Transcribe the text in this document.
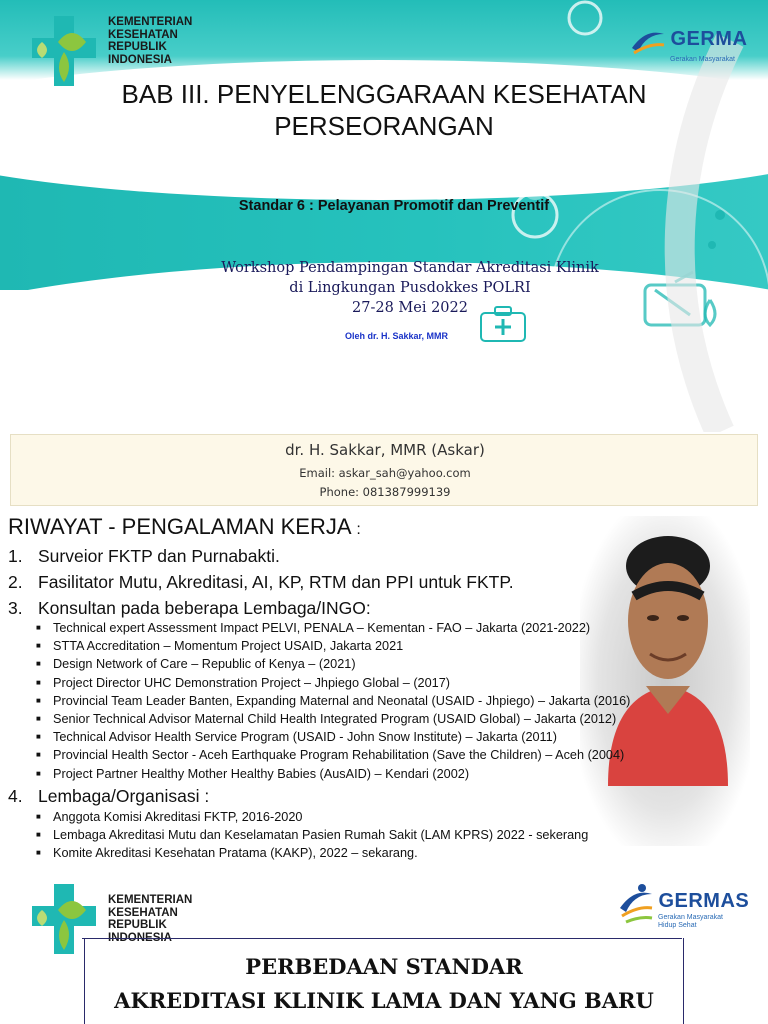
KEMENTERIAN
KESEHATAN
REPUBLIK
INDONESIA
GERMA
Gerakan Masyarakat
BAB III. PENYELENGGARAAN KESEHATAN
PERSEORANGAN
Standar 6 : Pelayanan Promotif dan Preventif
Workshop Pendampingan Standar Akreditasi Klinik
di Lingkungan Pusdokkes POLRI
27-28 Mei 2022
Oleh dr. H. Sakkar, MMR
dr. H. Sakkar, MMR (Askar)
Email: askar_sah@yahoo.com
Phone: 081387999139
RIWAYAT - PENGALAMAN KERJA :
1. Surveior FKTP dan Purnabakti.
2. Fasilitator Mutu, Akreditasi, AI, KP, RTM dan PPI untuk FKTP.
3. Konsultan pada beberapa Lembaga/INGO:
■ Technical expert Assessment Impact PELVI, PENALA – Kementan - FAO – Jakarta (2021-2022)
■ STTA Accreditation – Momentum Project USAID, Jakarta 2021
■ Design Network of Care – Republic of Kenya – (2021)
■ Project Director UHC Demonstration Project – Jhpiego Global – (2017)
■ Provincial Team Leader Banten, Expanding Maternal and Neonatal (USAID - Jhpiego) – Jakarta (2016)
■ Senior Technical Advisor Maternal Child Health Integrated Program (USAID Global) – Jakarta (2012)
■ Technical Advisor Health Service Program (USAID - John Snow Institute) – Jakarta (2011)
■ Provincial Health Sector - Aceh Earthquake Program Rehabilitation (Save the Children) – Aceh (2004)
■ Project Partner Healthy Mother Healthy Babies (AusAID) – Kendari (2002)
4. Lembaga/Organisasi :
■ Anggota Komisi Akreditasi FKTP, 2016-2020
■ Lembaga Akreditasi Mutu dan Keselamatan Pasien Rumah Sakit (LAM KPRS) 2022 - sekerang
■ Komite Akreditasi Kesehatan Pratama (KAKP), 2022 – sekarang.
KEMENTERIAN
KESEHATAN
REPUBLIK
INDONESIA
GERMAS
Gerakan Masyarakat
Hidup Sehat
PERBEDAAN STANDAR
AKREDITASI KLINIK LAMA DAN YANG BARU
